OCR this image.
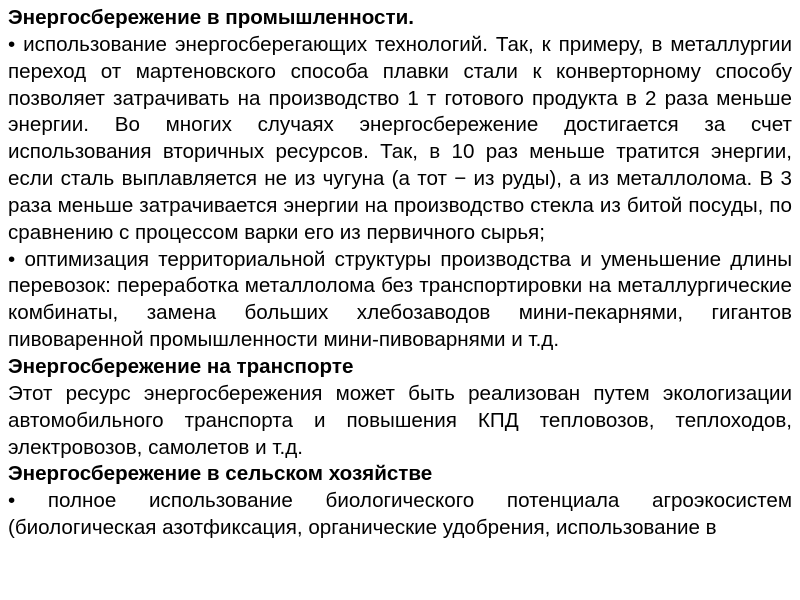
Энергосбережение в промышленности.

• использование энергосберегающих технологий. Так, к примеру, в металлургии переход от мартеновского способа плавки стали к конверторному способу позволяет затрачивать на производство 1 т готового продукта в 2 раза меньше энергии. Во многих случаях энергосбережение достигается за счет использования вторичных ресурсов. Так, в 10 раз меньше тратится энергии, если сталь выплавляется не из чугуна (а тот − из руды), а из металлолома. В 3 раза меньше затрачивается энергии на производство стекла из битой посуды, по сравнению с процессом варки его из первичного сырья;

• оптимизация территориальной структуры производства и уменьшение длины перевозок: переработка металлолома без транспортировки на металлургические комбинаты, замена больших хлебозаводов мини-пекарнями, гигантов пивоваренной промышленности мини-пивоварнями и т.д.

Энергосбережение на транспорте

Этот ресурс энергосбережения может быть реализован путем экологизации автомобильного транспорта и повышения КПД тепловозов, теплоходов, электровозов, самолетов и т.д.

Энергосбережение в сельском хозяйстве

• полное использование биологического потенциала агроэкосистем (биологическая азотфиксация, органические удобрения, использование в
